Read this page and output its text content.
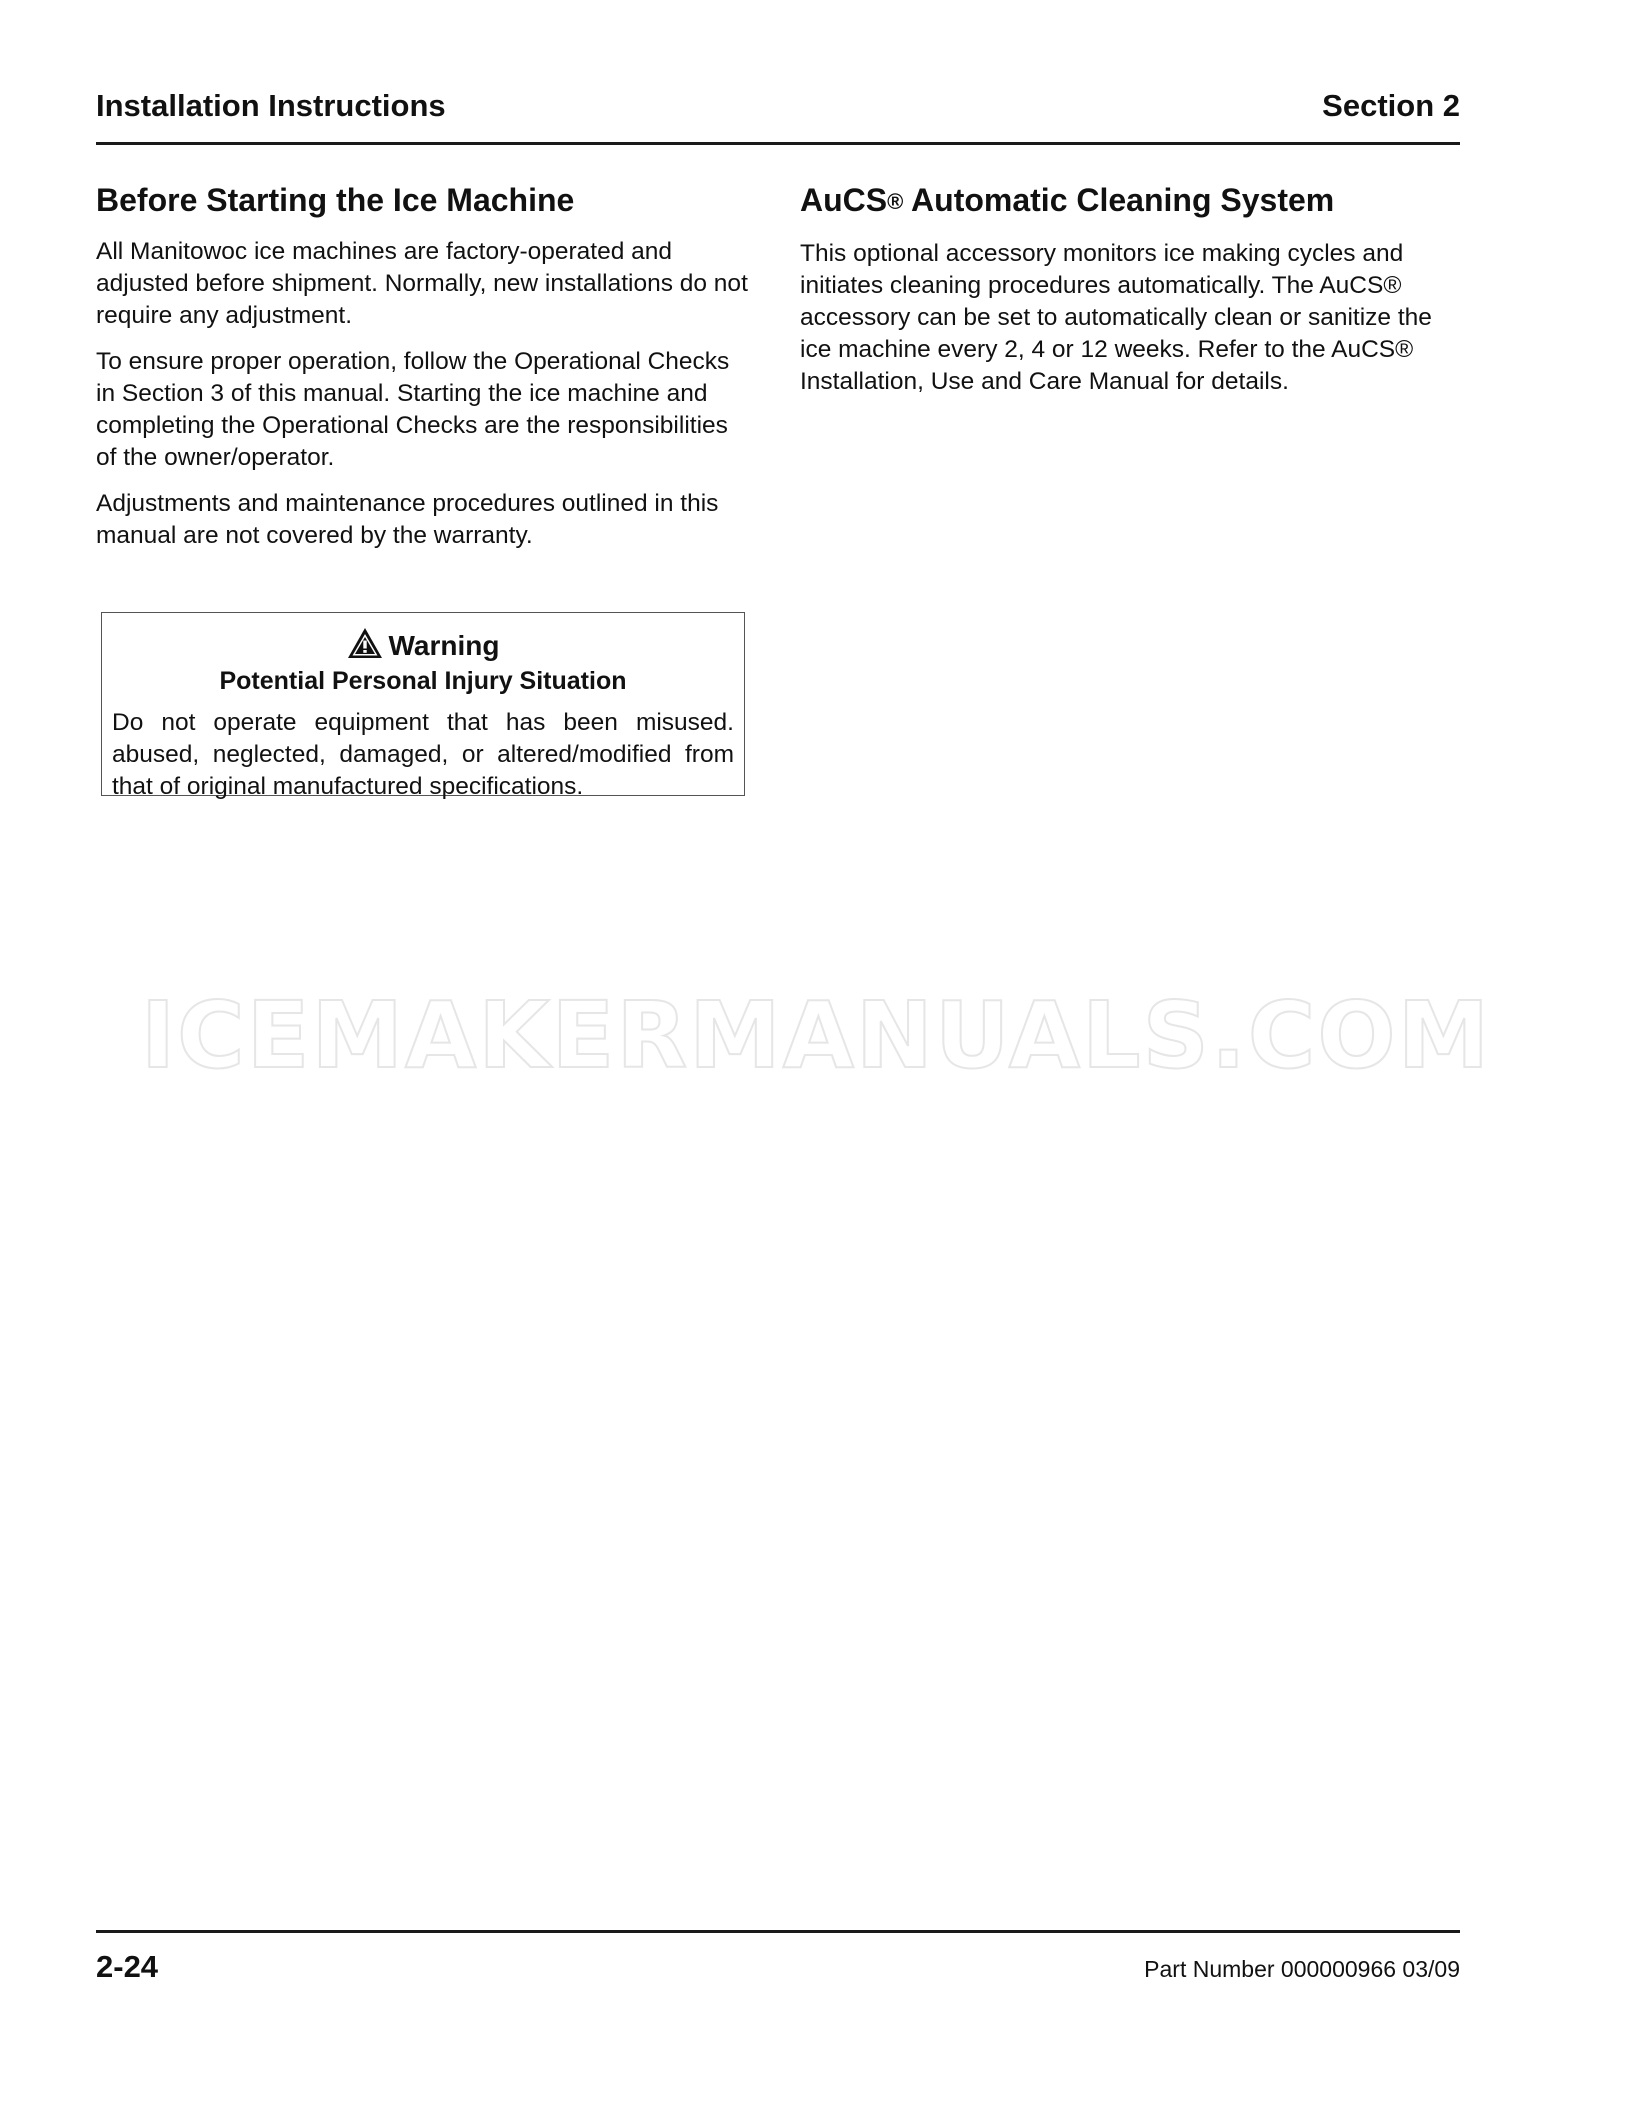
Installation Instructions	Section 2
Before Starting the Ice Machine

All Manitowoc ice machines are factory-operated and adjusted before shipment. Normally, new installations do not require any adjustment.

To ensure proper operation, follow the Operational Checks in Section 3 of this manual. Starting the ice machine and completing the Operational Checks are the responsibilities of the owner/operator.

Adjustments and maintenance procedures outlined in this manual are not covered by the warranty.

Warning
Potential Personal Injury Situation
Do not operate equipment that has been misused. abused, neglected, damaged, or altered/modified from that of original manufactured specifications.
AuCS® Automatic Cleaning System

This optional accessory monitors ice making cycles and initiates cleaning procedures automatically. The AuCS® accessory can be set to automatically clean or sanitize the ice machine every 2, 4 or 12 weeks. Refer to the AuCS® Installation, Use and Care Manual for details.

ICEMAKERMANUALS.COM
2-24	Part Number 000000966 03/09
